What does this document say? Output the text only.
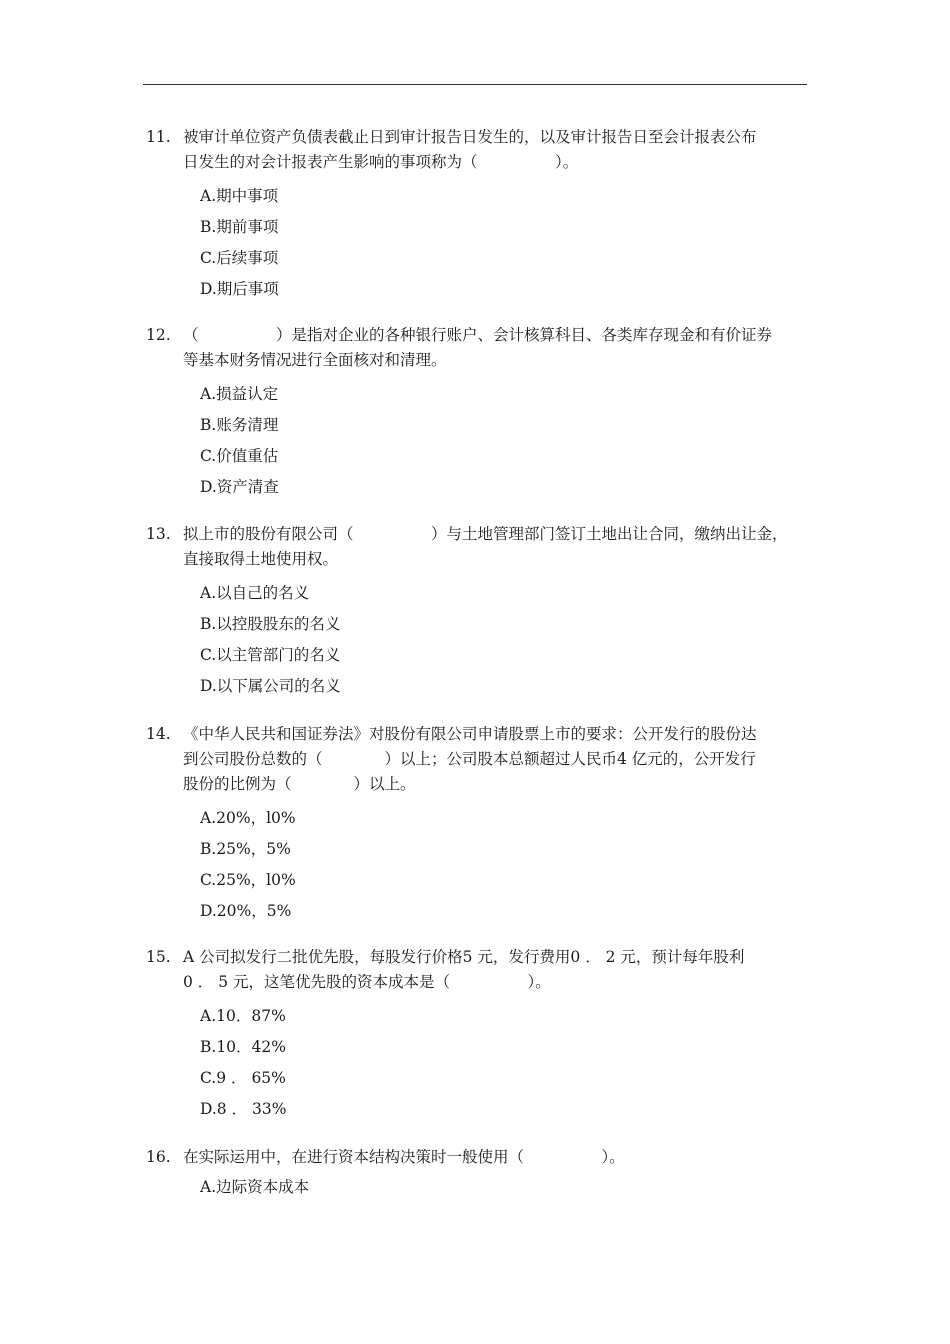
11. 被审计单位资产负债表截止日到审计报告日发生的，以及审计报告日至会计报表公布
日发生的对会计报表产生影响的事项称为（　　　　　）。
A.期中事项
B.期前事项
C.后续事项
D.期后事项
12. （　　　　　）是指对企业的各种银行账户、会计核算科目、各类库存现金和有价证券
等基本财务情况进行全面核对和清理。
A.损益认定
B.账务清理
C.价值重估
D.资产清查
13. 拟上市的股份有限公司（　　　　　）与土地管理部门签订土地出让合同，缴纳出让金，
直接取得土地使用权。
A.以自己的名义
B.以控股股东的名义
C.以主管部门的名义
D.以下属公司的名义
14. 《中华人民共和国证券法》对股份有限公司申请股票上市的要求：公开发行的股份达
到公司股份总数的（　　　　）以上；公司股本总额超过人民币4 亿元的，公开发行
股份的比例为（　　　　）以上。
A.20%，l0%
B.25%，5%
C.25%，l0%
D.20%，5%
15. A 公司拟发行二批优先股，每股发行价格5 元，发行费用0 ． 2 元，预计每年股利
0 ． 5 元，这笔优先股的资本成本是（　　　　　）。
A.10．87%
B.10．42%
C.9 ． 65%
D.8 ． 33%
16. 在实际运用中，在进行资本结构决策时一般使用（　　　　　）。
A.边际资本成本
